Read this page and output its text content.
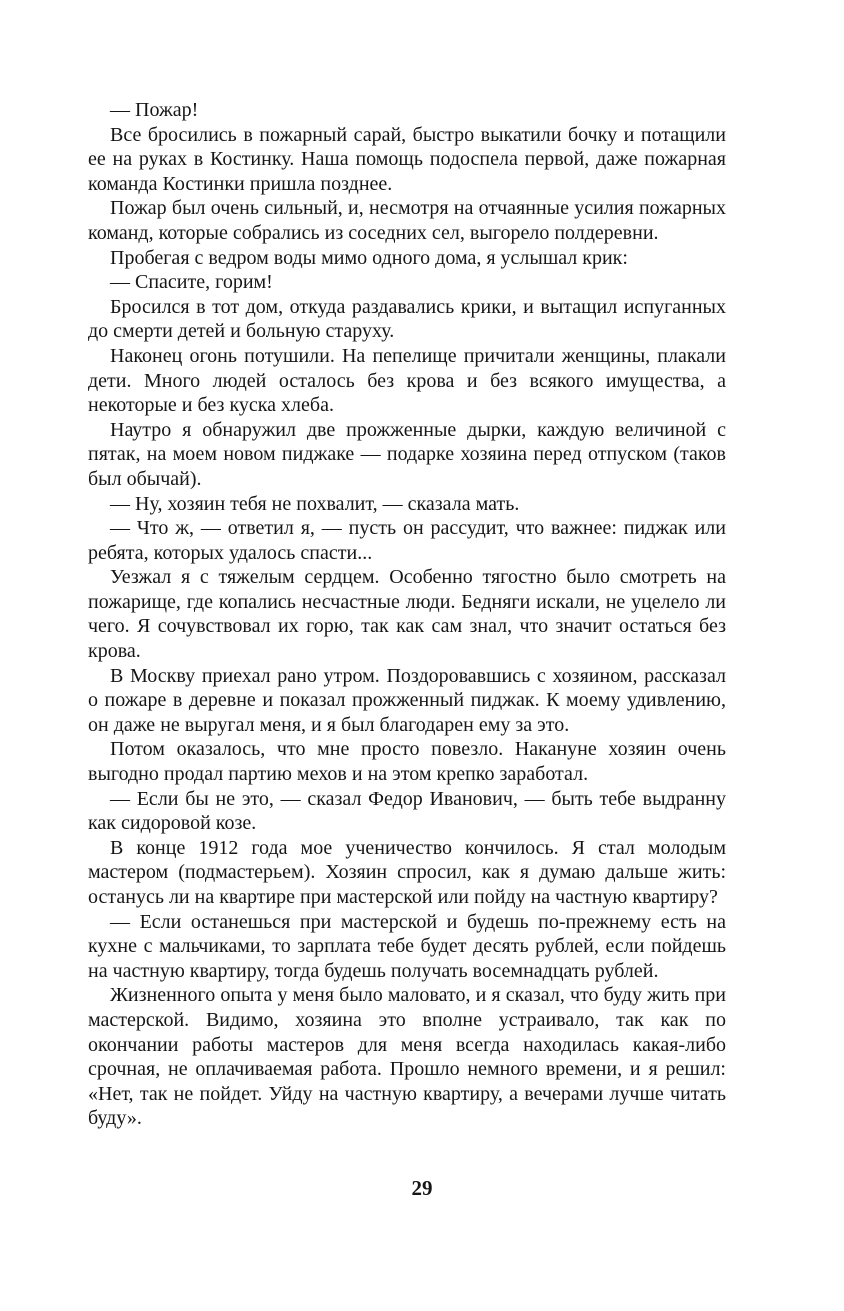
— Пожар!

Все бросились в пожарный сарай, быстро выкатили бочку и потащили ее на руках в Костинку. Наша помощь подоспела первой, даже пожарная команда Костинки пришла позднее.

Пожар был очень сильный, и, несмотря на отчаянные усилия пожарных команд, которые собрались из соседних сел, выгорело полдеревни.

Пробегая с ведром воды мимо одного дома, я услышал крик:

— Спасите, горим!

Бросился в тот дом, откуда раздавались крики, и вытащил испуганных до смерти детей и больную старуху.

Наконец огонь потушили. На пепелище причитали женщины, плакали дети. Много людей осталось без крова и без всякого имущества, а некоторые и без куска хлеба.

Наутро я обнаружил две прожженные дырки, каждую величиной с пятак, на моем новом пиджаке — подарке хозяина перед отпуском (таков был обычай).

— Ну, хозяин тебя не похвалит, — сказала мать.

— Что ж, — ответил я, — пусть он рассудит, что важнее: пиджак или ребята, которых удалось спасти...

Уезжал я с тяжелым сердцем. Особенно тягостно было смотреть на пожарище, где копались несчастные люди. Бедняги искали, не уцелело ли чего. Я сочувствовал их горю, так как сам знал, что значит остаться без крова.

В Москву приехал рано утром. Поздоровавшись с хозяином, рассказал о пожаре в деревне и показал прожженный пиджак. К моему удивлению, он даже не выругал меня, и я был благодарен ему за это.

Потом оказалось, что мне просто повезло. Накануне хозяин очень выгодно продал партию мехов и на этом крепко заработал.

— Если бы не это, — сказал Федор Иванович, — быть тебе выдранну как сидоровой козе.

В конце 1912 года мое ученичество кончилось. Я стал молодым мастером (подмастерьем). Хозяин спросил, как я думаю дальше жить: останусь ли на квартире при мастерской или пойду на частную квартиру?

— Если останешься при мастерской и будешь по-прежнему есть на кухне с мальчиками, то зарплата тебе будет десять рублей, если пойдешь на частную квартиру, тогда будешь получать восемнадцать рублей.

Жизненного опыта у меня было маловато, и я сказал, что буду жить при мастерской. Видимо, хозяина это вполне устраивало, так как по окончании работы мастеров для меня всегда находилась какая-либо срочная, не оплачиваемая работа. Прошло немного времени, и я решил: «Нет, так не пойдет. Уйду на частную квартиру, а вечерами лучше читать буду».

29
